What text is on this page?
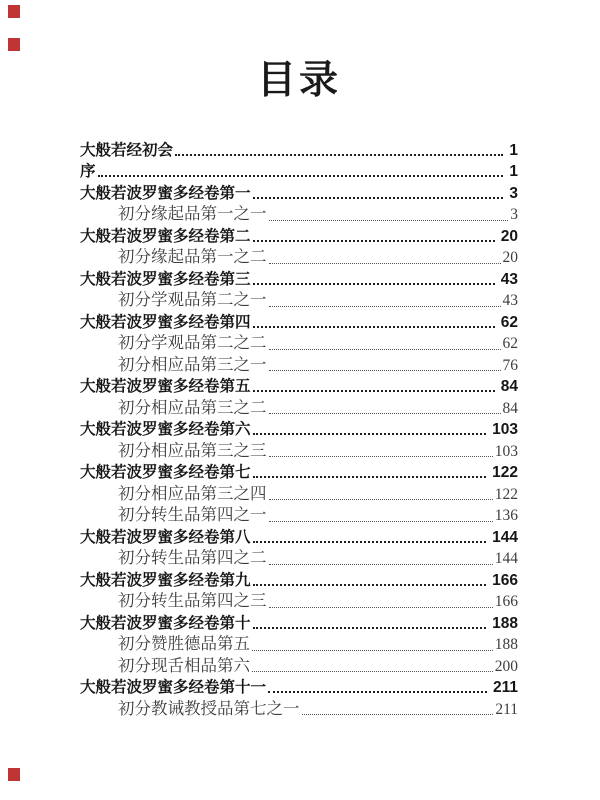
目录
大般若经初会	1
序	1
大般若波罗蜜多经卷第一	3
初分缘起品第一之一	3
大般若波罗蜜多经卷第二	20
初分缘起品第一之二	20
大般若波罗蜜多经卷第三	43
初分学观品第二之一	43
大般若波罗蜜多经卷第四	62
初分学观品第二之二	62
初分相应品第三之一	76
大般若波罗蜜多经卷第五	84
初分相应品第三之二	84
大般若波罗蜜多经卷第六	103
初分相应品第三之三	103
大般若波罗蜜多经卷第七	122
初分相应品第三之四	122
初分转生品第四之一	136
大般若波罗蜜多经卷第八	144
初分转生品第四之二	144
大般若波罗蜜多经卷第九	166
初分转生品第四之三	166
大般若波罗蜜多经卷第十	188
初分赞胜德品第五	188
初分现舌相品第六	200
大般若波罗蜜多经卷第十一	211
初分教诫教授品第七之一	211
